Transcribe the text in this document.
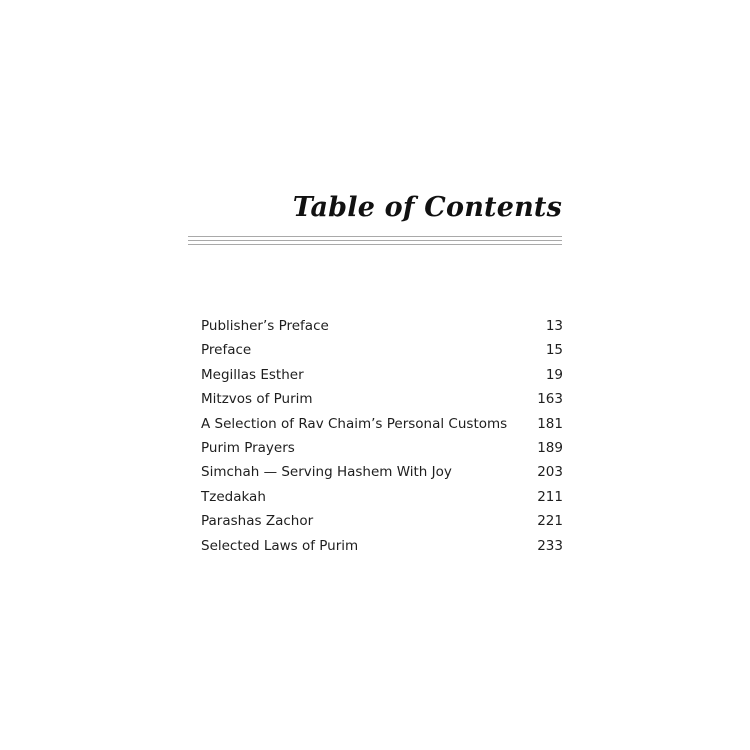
Table of Contents
Publisher’s Preface	13
Preface	15
Megillas Esther	19
Mitzvos of Purim	163
A Selection of Rav Chaim’s Personal Customs 181
Purim Prayers	189
Simchah — Serving Hashem With Joy	203
Tzedakah	211
Parashas Zachor	221
Selected Laws of Purim	233
